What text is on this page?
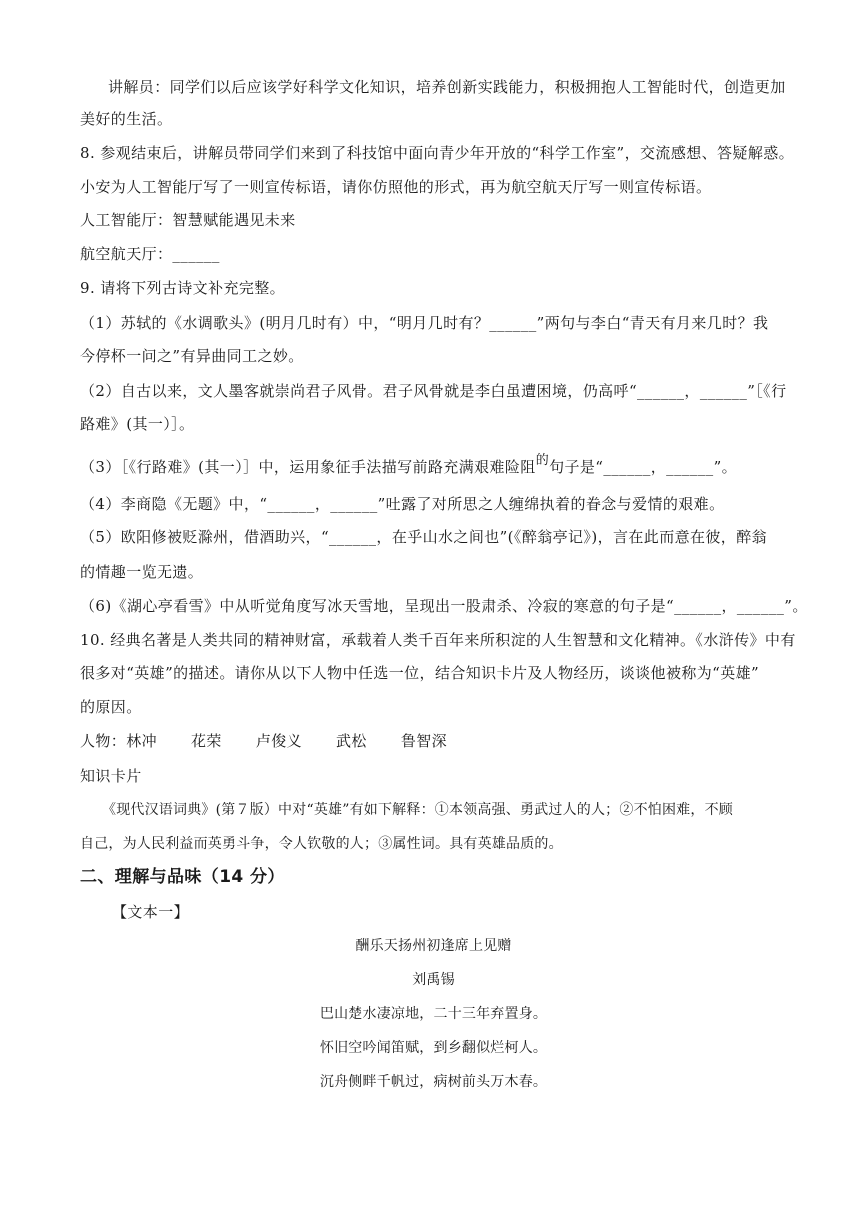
讲解员：同学们以后应该学好科学文化知识，培养创新实践能力，积极拥抱人工智能时代，创造更加
美好的生活。
8. 参观结束后，讲解员带同学们来到了科技馆中面向青少年开放的“科学工作室”，交流感想、答疑解惑。
小安为人工智能厅写了一则宣传标语，请你仿照他的形式，再为航空航天厅写一则宣传标语。
人工智能厅：智慧赋能遇见未来
航空航天厅：______
9. 请将下列古诗文补充完整。
（1）苏轼的《水调歌头》(明月几时有）中，“明月几时有？______”两句与李白“青天有月来几时？我
今停杯一问之”有异曲同工之妙。
（2）自古以来，文人墨客就崇尚君子风骨。君子风骨就是李白虽遭困境，仍高呼“______，______”［《行
路难》(其一）］。
（3）［《行路难》(其一）］中，运用象征手法描写前路充满艰难险阻的句子是“______，______”。
（4）李商隐《无题》中，“______，______”吐露了对所思之人缠绵执着的眷念与爱情的艰难。
（5）欧阳修被贬滁州，借酒助兴，“______，在乎山水之间也”(《醉翁亭记》)，言在此而意在彼，醉翁
的情趣一览无遗。
（6)《湖心亭看雪》中从听觉角度写冰天雪地，呈现出一股肃杀、冷寂的寒意的句子是“______，______”。
10. 经典名著是人类共同的精神财富，承载着人类千百年来所积淀的人生智慧和文化精神。《水浒传》中有
很多对“英雄”的描述。请你从以下人物中任选一位，结合知识卡片及人物经历，谈谈他被称为“英雄”
的原因。
人物：林冲 花荣 卢俊义 武松 鲁智深
知识卡片
《现代汉语词典》(第７版）中对“英雄”有如下解释：①本领高强、勇武过人的人；②不怕困难，不顾
自己，为人民利益而英勇斗争，令人钦敬的人；③属性词。具有英雄品质的。
二、理解与品味（14 分）
【文本一】
酬乐天扬州初逢席上见赠
刘禹锡
巴山楚水凄凉地，二十三年弃置身。
怀旧空吟闻笛赋，到乡翻似烂柯人。
沉舟侧畔千帆过，病树前头万木春。
